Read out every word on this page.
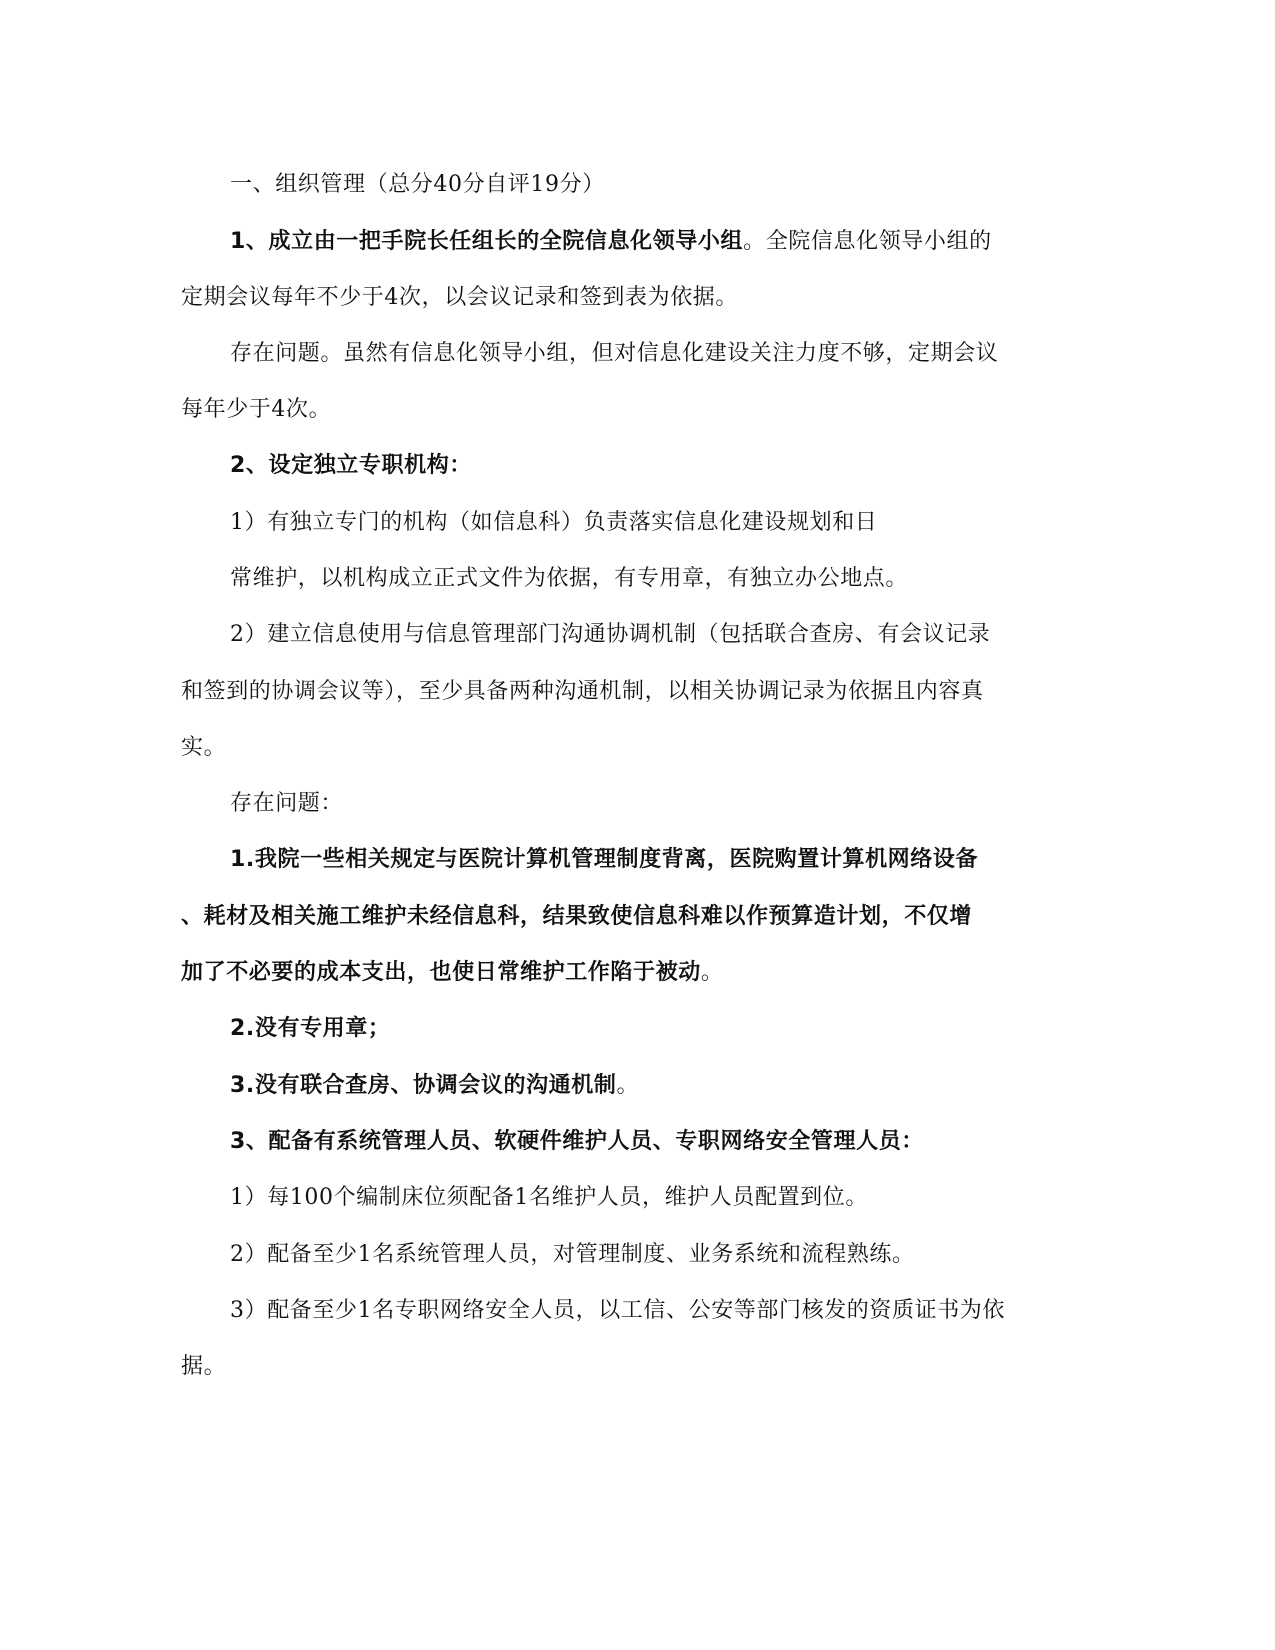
一、组织管理（总分40分自评19分）
1、成立由一把手院长任组长的全院信息化领导小组。全院信息化领导小组的
定期会议每年不少于4次，以会议记录和签到表为依据。
存在问题。虽然有信息化领导小组，但对信息化建设关注力度不够，定期会议
每年少于4次。
2、设定独立专职机构：
1）有独立专门的机构（如信息科）负责落实信息化建设规划和日
常维护，以机构成立正式文件为依据，有专用章，有独立办公地点。
2）建立信息使用与信息管理部门沟通协调机制（包括联合查房、有会议记录
和签到的协调会议等），至少具备两种沟通机制，以相关协调记录为依据且内容真
实。
存在问题：
1.我院一些相关规定与医院计算机管理制度背离，医院购置计算机网络设备
、耗材及相关施工维护未经信息科，结果致使信息科难以作预算造计划，不仅增
加了不必要的成本支出，也使日常维护工作陷于被动。
2.没有专用章；
3.没有联合查房、协调会议的沟通机制。
3、配备有系统管理人员、软硬件维护人员、专职网络安全管理人员：
1）每100个编制床位须配备1名维护人员，维护人员配置到位。
2）配备至少1名系统管理人员，对管理制度、业务系统和流程熟练。
3）配备至少1名专职网络安全人员，以工信、公安等部门核发的资质证书为依
据。
